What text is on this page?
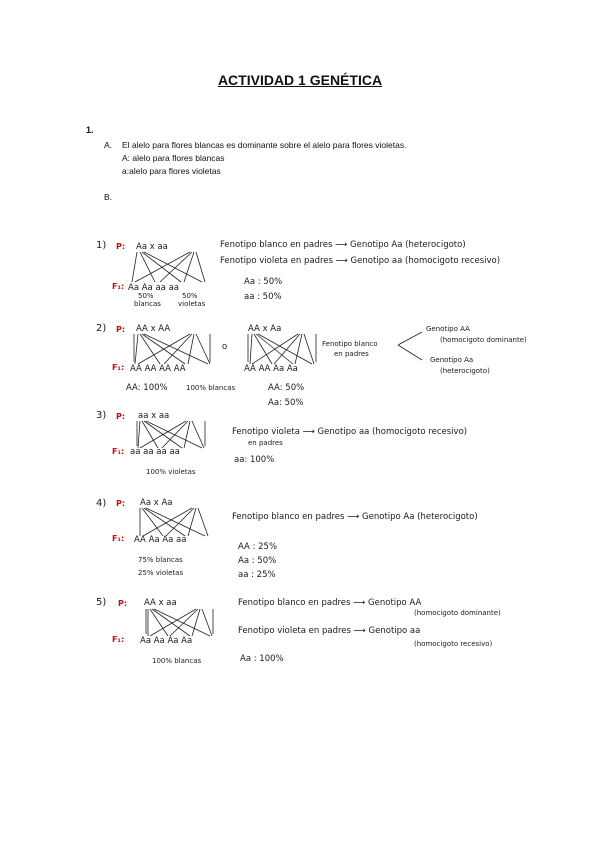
ACTIVIDAD 1 GENÉTICA
1.
A. El alelo para flores blancas es dominante sobre el alelo para flores violetas.
A: alelo para flores blancas
a:alelo para flores violetas
B.
1) P: Aa x aa
F₁: Aa Aa aa aa
50%
blancas
50%
violetas
Aa : 50%
aa : 50%
Fenotipo blanco en padres ⟶ Genotipo Aa (heterocigoto)
Fenotipo violeta en padres ⟶ Genotipo aa (homocigoto recesivo)
2) P: AA x AA
F₁: AA AA AA AA
o
AA x Aa
AA AA Aa Aa
AA: 100%	100% blancas	AA: 50%
Aa: 50%
Fenotipo blanco
en padres
Genotipo AA
(homocigoto dominante)
Genotipo Aa
(heterocigoto)
3) P: aa x aa
F₁: aa aa aa aa
100% violetas
aa: 100%
Fenotipo violeta ⟶ Genotipo aa (homocigoto recesivo)
en padres
4) P: Aa x Aa
F₁: AA Aa Aa aa
75% blancas
25% violetas
AA : 25%
Aa : 50%
aa : 25%
Fenotipo blanco en padres ⟶ Genotipo Aa (heterocigoto)
5) P: AA x aa
F₁: Aa Aa Aa Aa
100% blancas	Aa : 100%
Fenotipo blanco en padres ⟶ Genotipo AA
(homocigoto dominante)
Fenotipo violeta en padres ⟶ Genotipo aa
(homocigoto recesivo)
